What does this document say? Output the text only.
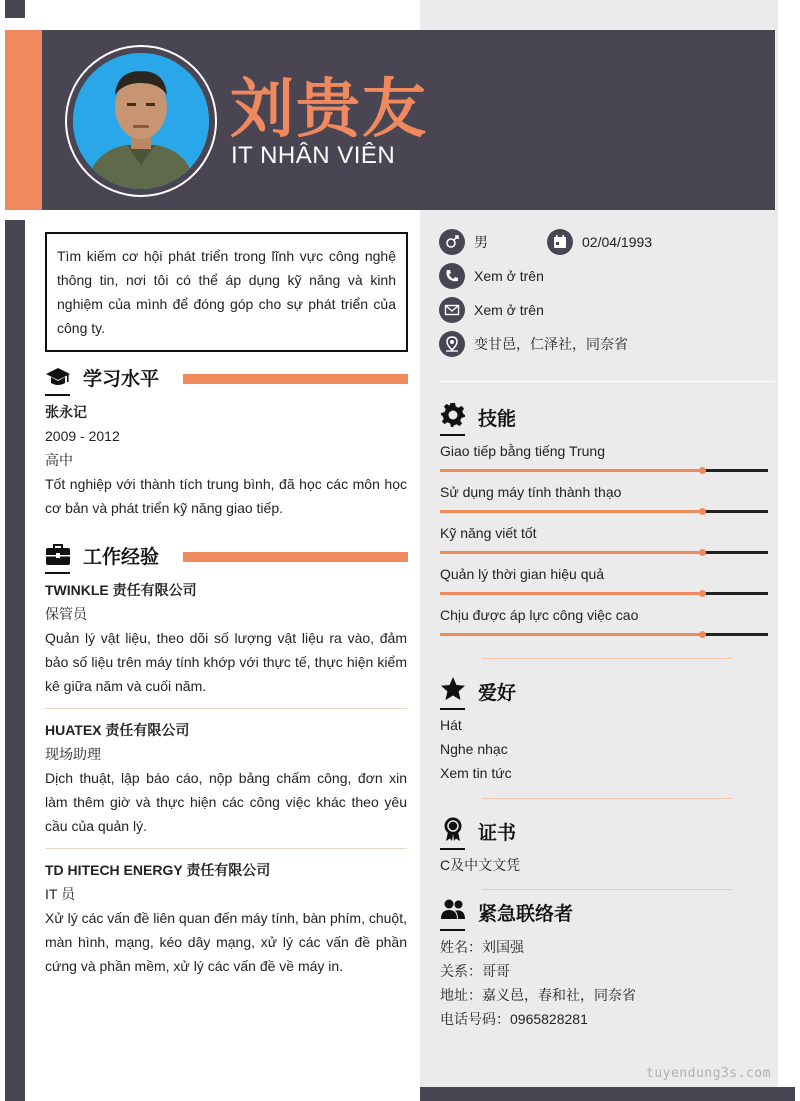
刘贵友
IT NHÂN VIÊN
Tìm kiếm cơ hội phát triển trong lĩnh vực công nghệ thông tin, nơi tôi có thể áp dụng kỹ năng và kinh nghiệm của mình để đóng góp cho sự phát triển của công ty.
学习水平
张永记
2009 - 2012
高中
Tốt nghiệp với thành tích trung bình, đã học các môn học cơ bản và phát triển kỹ năng giao tiếp.
工作经验
TWINKLE 责任有限公司
保管员
Quản lý vật liệu, theo dõi số lượng vật liệu ra vào, đảm bảo số liệu trên máy tính khớp với thực tế, thực hiện kiểm kê giữa năm và cuối năm.
HUATEX 责任有限公司
现场助理
Dịch thuật, lập báo cáo, nộp bảng chấm công, đơn xin làm thêm giờ và thực hiện các công việc khác theo yêu cầu của quản lý.
TD HITECH ENERGY 责任有限公司
IT 员
Xử lý các vấn đề liên quan đến máy tính, bàn phím, chuột, màn hình, mạng, kéo dây mạng, xử lý các vấn đề phần cứng và phần mềm, xử lý các vấn đề về máy in.
男	02/04/1993
Xem ở trên
Xem ở trên
变甘邑，仁泽社，同奈省
技能
Giao tiếp bằng tiếng Trung
Sử dụng máy tính thành thạo
Kỹ năng viết tốt
Quản lý thời gian hiệu quả
Chịu được áp lực công việc cao
爱好
Hát
Nghe nhạc
Xem tin tức
证书
C及中文文凭
紧急联络者
姓名：刘国强
关系：哥哥
地址：嘉义邑，春和社，同奈省
电话号码：0965828281
tuyendung3s.com
